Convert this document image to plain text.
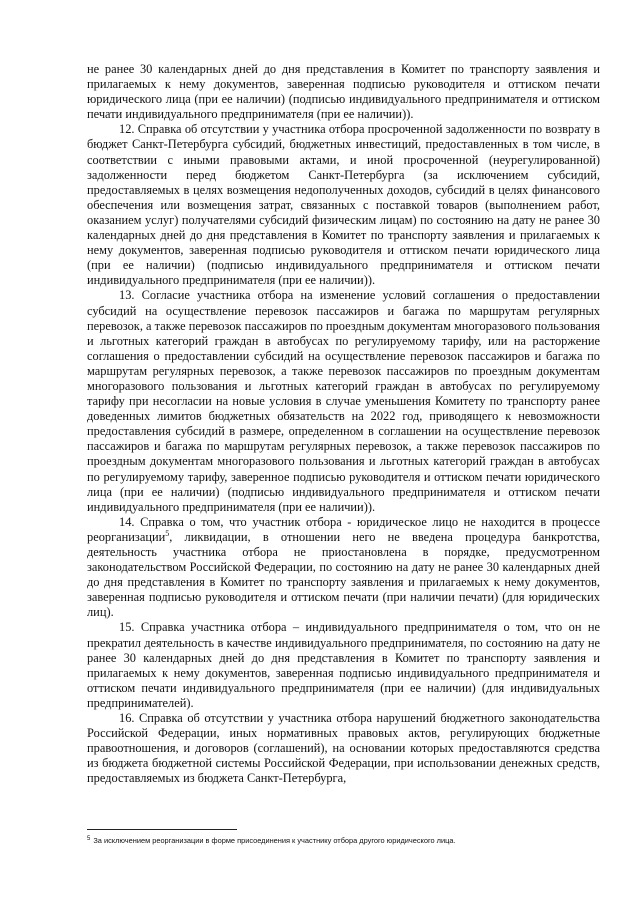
не ранее 30 календарных дней до дня представления в Комитет по транспорту заявления и прилагаемых к нему документов, заверенная подписью руководителя и оттиском печати юридического лица (при ее наличии) (подписью индивидуального предпринимателя и оттиском печати индивидуального предпринимателя (при ее наличии)).

12. Справка об отсутствии у участника отбора просроченной задолженности по возврату в бюджет Санкт-Петербурга субсидий, бюджетных инвестиций, предоставленных в том числе, в соответствии с иными правовыми актами, и иной просроченной (неурегулированной) задолженности перед бюджетом Санкт-Петербурга (за исключением субсидий, предоставляемых в целях возмещения недополученных доходов, субсидий в целях финансового обеспечения или возмещения затрат, связанных с поставкой товаров (выполнением работ, оказанием услуг) получателями субсидий физическим лицам) по состоянию на дату не ранее 30 календарных дней до дня представления в Комитет по транспорту заявления и прилагаемых к нему документов, заверенная подписью руководителя и оттиском печати юридического лица (при ее наличии) (подписью индивидуального предпринимателя и оттиском печати индивидуального предпринимателя (при ее наличии)).

13. Согласие участника отбора на изменение условий соглашения о предоставлении субсидий на осуществление перевозок пассажиров и багажа по маршрутам регулярных перевозок, а также перевозок пассажиров по проездным документам многоразового пользования и льготных категорий граждан в автобусах по регулируемому тарифу, или на расторжение соглашения о предоставлении субсидий на осуществление перевозок пассажиров и багажа по маршрутам регулярных перевозок, а также перевозок пассажиров по проездным документам многоразового пользования и льготных категорий граждан в автобусах по регулируемому тарифу при несогласии на новые условия в случае уменьшения Комитету по транспорту ранее доведенных лимитов бюджетных обязательств на 2022 год, приводящего к невозможности предоставления субсидий в размере, определенном в соглашении на осуществление перевозок пассажиров и багажа по маршрутам регулярных перевозок, а также перевозок пассажиров по проездным документам многоразового пользования и льготных категорий граждан в автобусах по регулируемому тарифу, заверенное подписью руководителя и оттиском печати юридического лица (при ее наличии) (подписью индивидуального предпринимателя и оттиском печати индивидуального предпринимателя (при ее наличии)).

14. Справка о том, что участник отбора - юридическое лицо не находится в процессе реорганизации$^5$, ликвидации, в отношении него не введена процедура банкротства, деятельность участника отбора не приостановлена в порядке, предусмотренном законодательством Российской Федерации, по состоянию на дату не ранее 30 календарных дней до дня представления в Комитет по транспорту заявления и прилагаемых к нему документов, заверенная подписью руководителя и оттиском печати (при наличии печати) (для юридических лиц).

15. Справка участника отбора – индивидуального предпринимателя о том, что он не прекратил деятельность в качестве индивидуального предпринимателя, по состоянию на дату не ранее 30 календарных дней до дня представления в Комитет по транспорту заявления и прилагаемых к нему документов, заверенная подписью индивидуального предпринимателя и оттиском печати индивидуального предпринимателя (при ее наличии) (для индивидуальных предпринимателей).

16. Справка об отсутствии у участника отбора нарушений бюджетного законодательства Российской Федерации, иных нормативных правовых актов, регулирующих бюджетные правоотношения, и договоров (соглашений), на основании которых предоставляются средства из бюджета бюджетной системы Российской Федерации, при использовании денежных средств, предоставляемых из бюджета Санкт-Петербурга,

$^5$ За исключением реорганизации в форме присоединения к участнику отбора другого юридического лица.
